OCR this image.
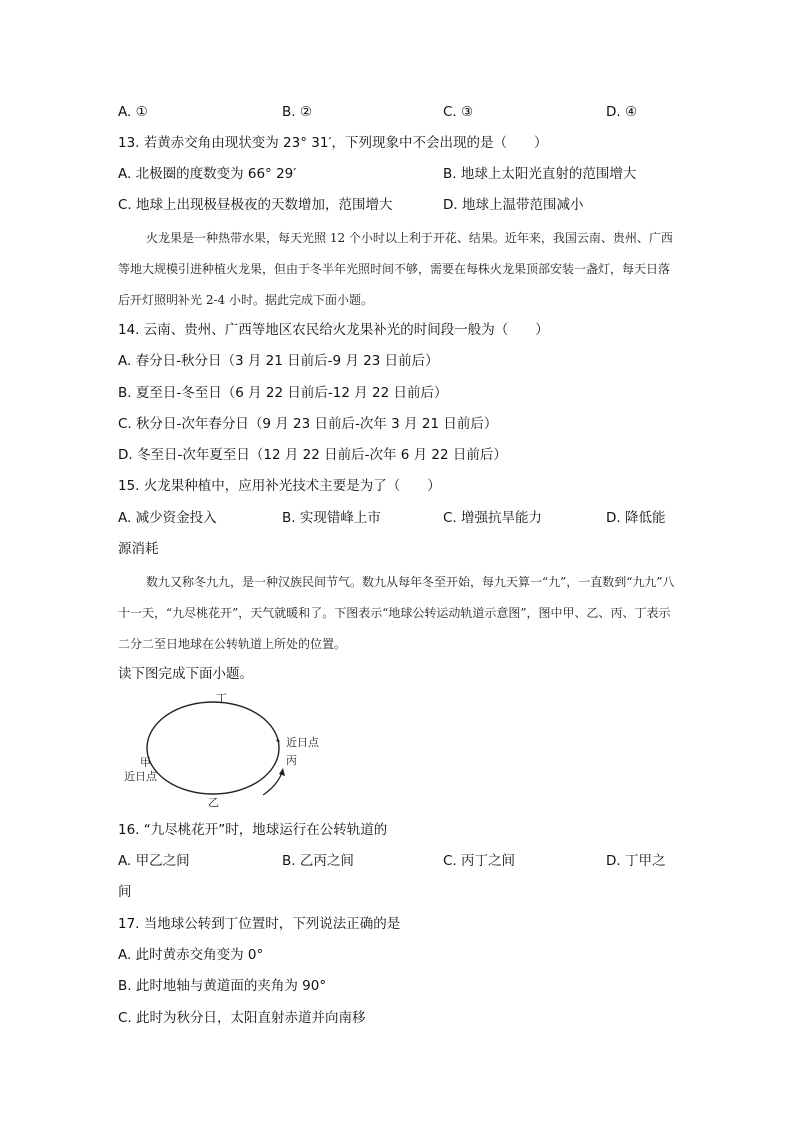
A. ①	B. ②	C. ③	D. ④
13. 若黄赤交角由现状变为 23° 31′，下列现象中不会出现的是（　　）
A. 北极圈的度数变为 66° 29′	B. 地球上太阳光直射的范围增大
C. 地球上出现极昼极夜的天数增加，范围增大	D. 地球上温带范围减小
火龙果是一种热带水果，每天光照 12 个小时以上利于开花、结果。近年来，我国云南、贵州、广西等地大规模引进种植火龙果，但由于冬半年光照时间不够，需要在每株火龙果顶部安装一盏灯，每天日落后开灯照明补光 2-4 小时。据此完成下面小题。
14. 云南、贵州、广西等地区农民给火龙果补光的时间段一般为（　　）
A. 春分日-秋分日（3 月 21 日前后-9 月 23 日前后）
B. 夏至日-冬至日（6 月 22 日前后-12 月 22 日前后）
C. 秋分日-次年春分日（9 月 23 日前后-次年 3 月 21 日前后）
D. 冬至日-次年夏至日（12 月 22 日前后-次年 6 月 22 日前后）
15. 火龙果种植中，应用补光技术主要是为了（　　）
A. 减少资金投入	B. 实现错峰上市	C. 增强抗旱能力	D. 降低能
源消耗
数九又称冬九九，是一种汉族民间节气。数九从每年冬至开始，每九天算一“九”，一直数到“九九”八十一天，“九尽桃花开”，天气就暖和了。下图表示“地球公转运动轨道示意图”，图中甲、乙、丙、丁表示二分二至日地球在公转轨道上所处的位置。
读下图完成下面小题。
丁
近日点
丙
甲
近日点
乙
16. “九尽桃花开”时，地球运行在公转轨道的
A. 甲乙之间	B. 乙丙之间	C. 丙丁之间	D. 丁甲之
间
17. 当地球公转到丁位置时，下列说法正确的是
A. 此时黄赤交角变为 0°
B. 此时地轴与黄道面的夹角为 90°
C. 此时为秋分日，太阳直射赤道并向南移
